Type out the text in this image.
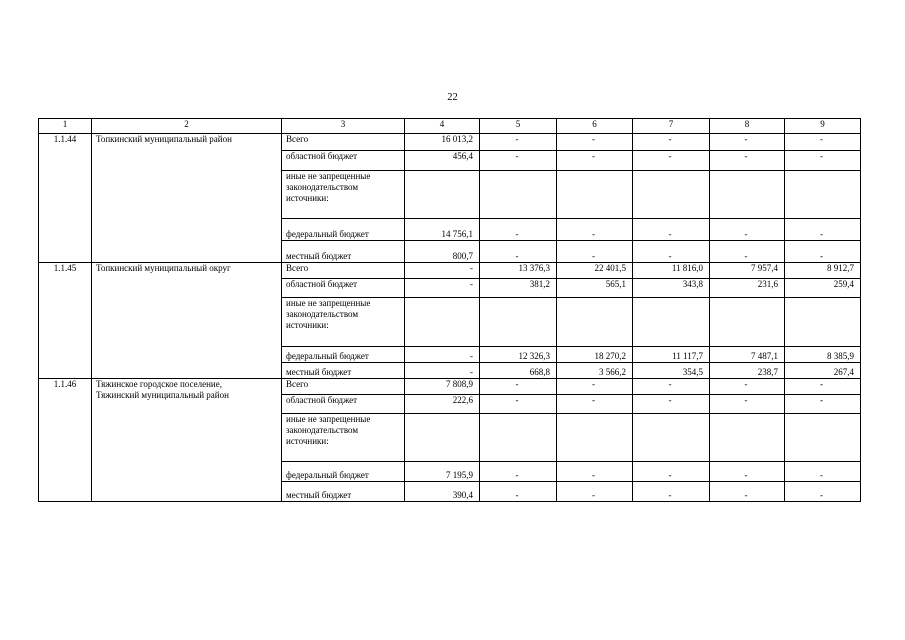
22
1	2	3	4	5	6	7	8	9
1.1.44	Топкинский муниципальный район	Всего	16 013,2	-	-	-	-	-
		областной бюджет	456,4	-	-	-	-	-
		иные не запрещенные
законодательством
источники:						
		федеральный бюджет	14 756,1	-	-	-	-	-
		местный бюджет	800,7	-	-	-	-	-
1.1.45	Топкинский муниципальный округ	Всего	-	13 376,3	22 401,5	11 816,0	7 957,4	8 912,7
		областной бюджет	-	381,2	565,1	343,8	231,6	259,4
		иные не запрещенные
законодательством
источники:						
		федеральный бюджет	-	12 326,3	18 270,2	11 117,7	7 487,1	8 385,9
		местный бюджет	-	668,8	3 566,2	354,5	238,7	267,4
1.1.46	Тяжинское городское поселение,
Тяжинский муниципальный район	Всего	7 808,9	-	-	-	-	-
		областной бюджет	222,6	-	-	-	-	-
		иные не запрещенные
законодательством
источники:						
		федеральный бюджет	7 195,9	-	-	-	-	-
		местный бюджет	390,4	-	-	-	-	-
